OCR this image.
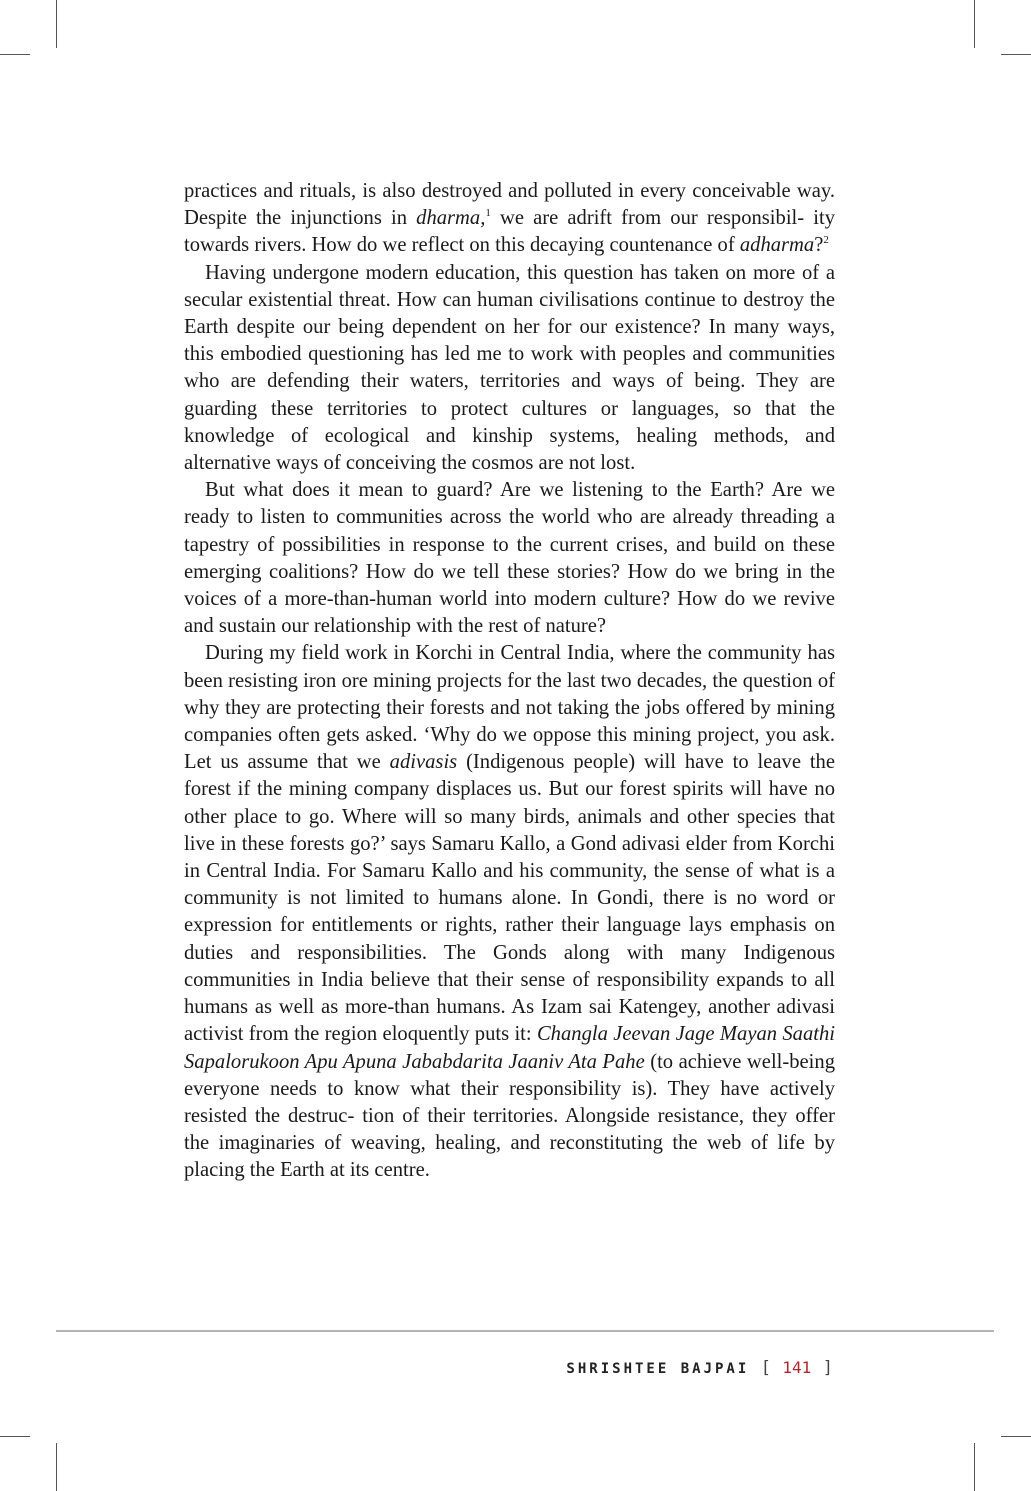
practices and rituals, is also destroyed and polluted in every conceivable way. Despite the injunctions in dharma,$^1$ we are adrift from our responsibil- ity towards rivers. How do we reflect on this decaying countenance of adharma?$^2$

Having undergone modern education, this question has taken on more of a secular existential threat. How can human civilisations continue to destroy the Earth despite our being dependent on her for our existence? In many ways, this embodied questioning has led me to work with peoples and communities who are defending their waters, territories and ways of being. They are guarding these territories to protect cultures or languages, so that the knowledge of ecological and kinship systems, healing methods, and alternative ways of conceiving the cosmos are not lost.

But what does it mean to guard? Are we listening to the Earth? Are we ready to listen to communities across the world who are already threading a tapestry of possibilities in response to the current crises, and build on these emerging coalitions? How do we tell these stories? How do we bring in the voices of a more-than-human world into modern culture? How do we revive and sustain our relationship with the rest of nature?

During my field work in Korchi in Central India, where the community has been resisting iron ore mining projects for the last two decades, the question of why they are protecting their forests and not taking the jobs offered by mining companies often gets asked. ‘Why do we oppose this mining project, you ask. Let us assume that we adivasis (Indigenous people) will have to leave the forest if the mining company displaces us. But our forest spirits will have no other place to go. Where will so many birds, animals and other species that live in these forests go?’ says Samaru Kallo, a Gond adivasi elder from Korchi in Central India. For Samaru Kallo and his community, the sense of what is a community is not limited to humans alone. In Gondi, there is no word or expression for entitlements or rights, rather their language lays emphasis on duties and responsibilities. The Gonds along with many Indigenous communities in India believe that their sense of responsibility expands to all humans as well as more-than humans. As Izam sai Katengey, another adivasi activist from the region eloquently puts it: Changla Jeevan Jage Mayan Saathi Sapalorukoon Apu Apuna Jababdarita Jaaniv Ata Pahe (to achieve well-being everyone needs to know what their responsibility is). They have actively resisted the destruc- tion of their territories. Alongside resistance, they offer the imaginaries of weaving, healing, and reconstituting the web of life by placing the Earth at its centre.

SHRISHTEE BAJPAI [ 141 ]
